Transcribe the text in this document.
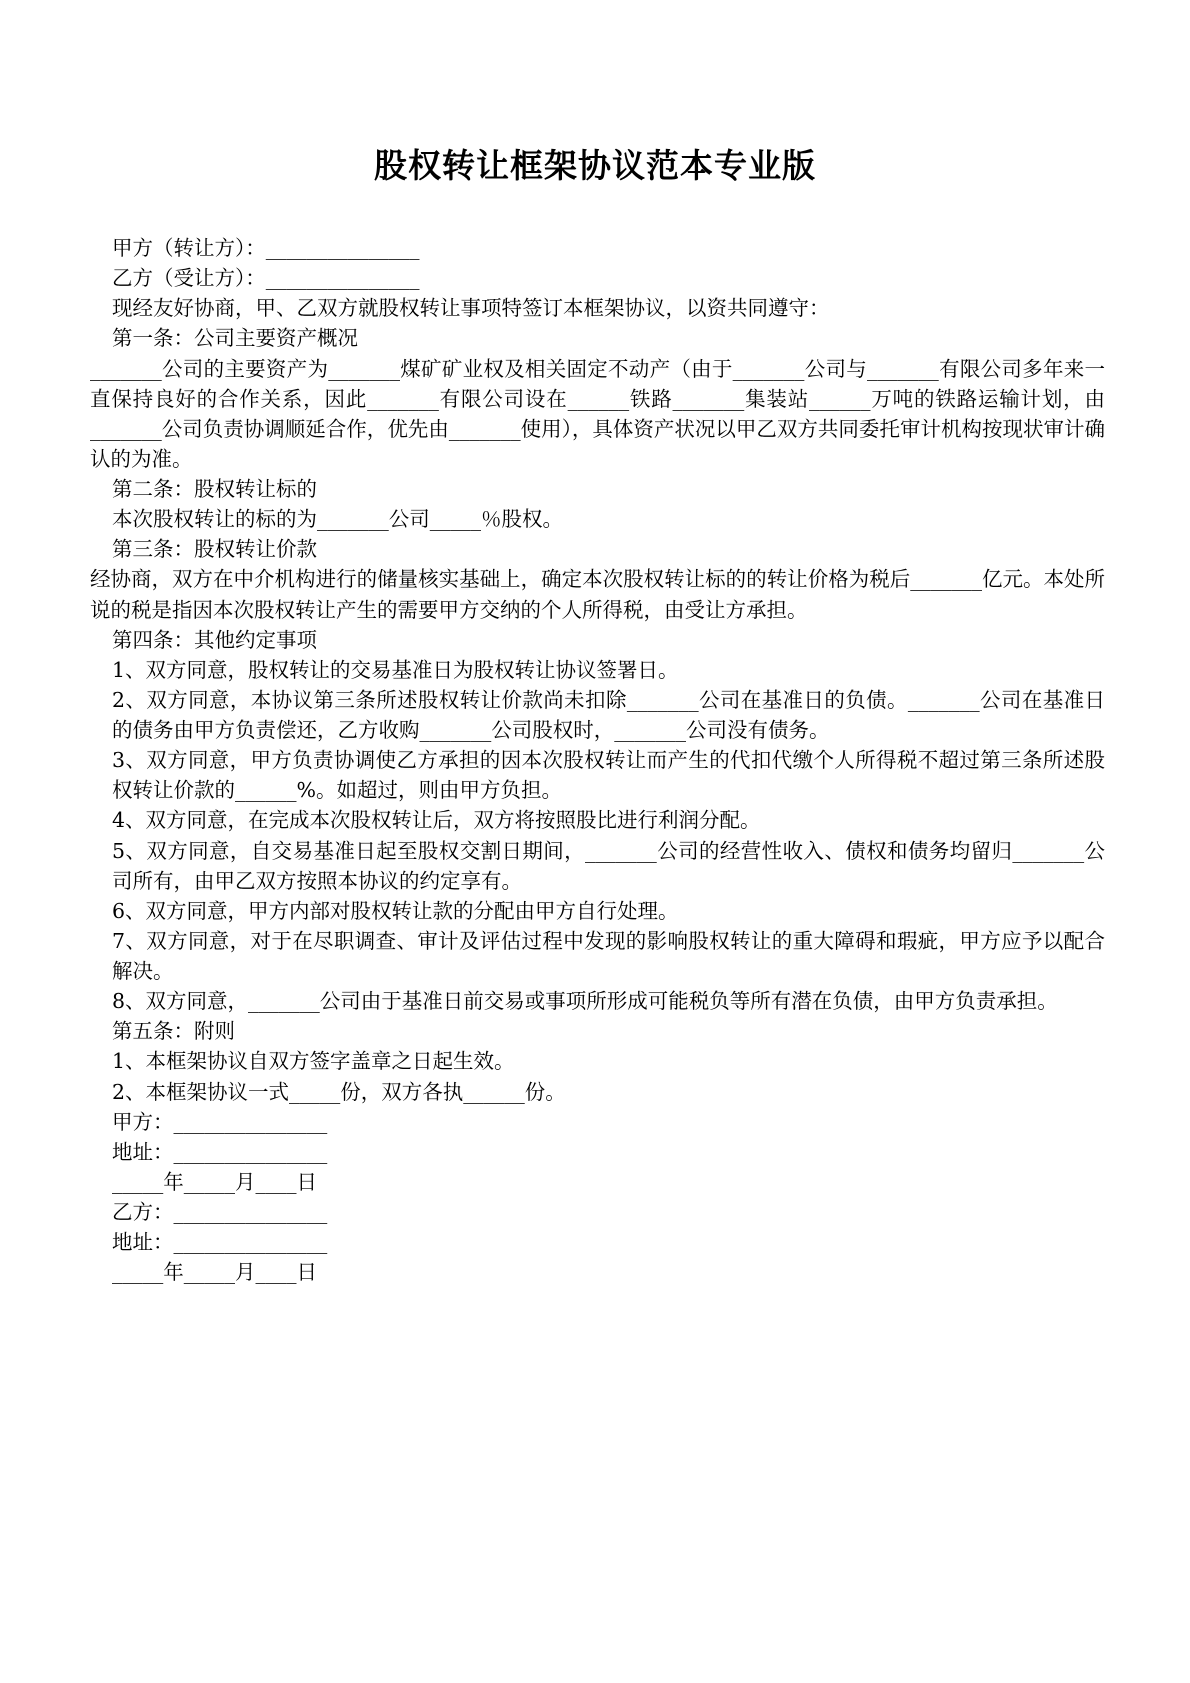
股权转让框架协议范本专业版

甲方（转让方）：_______________

乙方（受让方）：_______________

现经友好协商，甲、乙双方就股权转让事项特签订本框架协议，以资共同遵守：

第一条：公司主要资产概况

_______公司的主要资产为_______煤矿矿业权及相关固定不动产（由于_______公司与_______有限公司多年来一直保持良好的合作关系，因此_______有限公司设在______铁路_______集装站______万吨的铁路运输计划，由_______公司负责协调顺延合作，优先由_______使用），具体资产状况以甲乙双方共同委托审计机构按现状审计确认的为准。

第二条：股权转让标的

本次股权转让的标的为_______公司_____％股权。

第三条：股权转让价款

经协商，双方在中介机构进行的储量核实基础上，确定本次股权转让标的的转让价格为税后_______亿元。本处所说的税是指因本次股权转让产生的需要甲方交纳的个人所得税，由受让方承担。

第四条：其他约定事项

1、双方同意，股权转让的交易基准日为股权转让协议签署日。

2、双方同意，本协议第三条所述股权转让价款尚未扣除_______公司在基准日的负债。_______公司在基准日的债务由甲方负责偿还，乙方收购_______公司股权时，_______公司没有债务。

3、双方同意，甲方负责协调使乙方承担的因本次股权转让而产生的代扣代缴个人所得税不超过第三条所述股权转让价款的______%。如超过，则由甲方负担。

4、双方同意，在完成本次股权转让后，双方将按照股比进行利润分配。

5、双方同意，自交易基准日起至股权交割日期间，_______公司的经营性收入、债权和债务均留归_______公司所有，由甲乙双方按照本协议的约定享有。

6、双方同意，甲方内部对股权转让款的分配由甲方自行处理。

7、双方同意，对于在尽职调查、审计及评估过程中发现的影响股权转让的重大障碍和瑕疵，甲方应予以配合解决。

8、双方同意，_______公司由于基准日前交易或事项所形成可能税负等所有潜在负债，由甲方负责承担。

第五条：附则

1、本框架协议自双方签字盖章之日起生效。

2、本框架协议一式_____份，双方各执______份。

甲方：_______________

地址：_______________

_____年_____月____日

乙方：_______________

地址：_______________

_____年_____月____日
